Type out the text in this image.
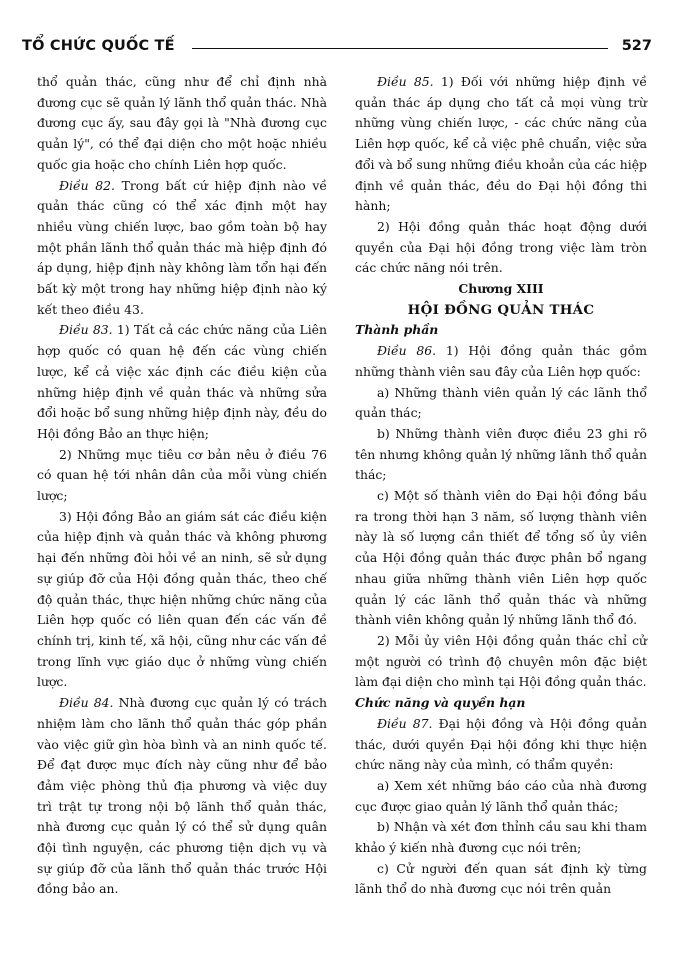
TỔ CHỨC QUỐC TẾ	527

thổ quản thác, cũng như để chỉ định nhà đương cục sẽ quản lý lãnh thổ quản thác. Nhà đương cục ấy, sau đây gọi là "Nhà đương cục quản lý", có thể đại diện cho một hoặc nhiều quốc gia hoặc cho chính Liên hợp quốc.

Điều 82. Trong bất cứ hiệp định nào về quản thác cũng có thể xác định một hay nhiều vùng chiến lược, bao gồm toàn bộ hay một phần lãnh thổ quản thác mà hiệp định đó áp dụng, hiệp định này không làm tổn hại đến bất kỳ một trong hay những hiệp định nào ký kết theo điều 43.

Điều 83. 1) Tất cả các chức năng của Liên hợp quốc có quan hệ đến các vùng chiến lược, kể cả việc xác định các điều kiện của những hiệp định về quản thác và những sửa đổi hoặc bổ sung những hiệp định này, đều do Hội đồng Bảo an thực hiện;

2) Những mục tiêu cơ bản nêu ở điều 76 có quan hệ tới nhân dân của mỗi vùng chiến lược;

3) Hội đồng Bảo an giám sát các điều kiện của hiệp định và quản thác và không phương hại đến những đòi hỏi về an ninh, sẽ sử dụng sự giúp đỡ của Hội đồng quản thác, theo chế độ quản thác, thực hiện những chức năng của Liên hợp quốc có liên quan đến các vấn đề chính trị, kinh tế, xã hội, cũng như các vấn đề trong lĩnh vực giáo dục ở những vùng chiến lược.

Điều 84. Nhà đương cục quản lý có trách nhiệm làm cho lãnh thổ quản thác góp phần vào việc giữ gìn hòa bình và an ninh quốc tế. Để đạt được mục đích này cũng như để bảo đảm việc phòng thủ địa phương và việc duy trì trật tự trong nội bộ lãnh thổ quản thác, nhà đương cục quản lý có thể sử dụng quân đội tình nguyện, các phương tiện dịch vụ và sự giúp đỡ của lãnh thổ quản thác trước Hội đồng bảo an.

Điều 85. 1) Đối với những hiệp định về quản thác áp dụng cho tất cả mọi vùng trừ những vùng chiến lược, - các chức năng của Liên hợp quốc, kể cả việc phê chuẩn, việc sửa đổi và bổ sung những điều khoản của các hiệp định về quản thác, đều do Đại hội đồng thi hành;

2) Hội đồng quản thác hoạt động dưới quyền của Đại hội đồng trong việc làm tròn các chức năng nói trên.

Chương XIII

HỘI ĐỒNG QUẢN THÁC

Thành phần

Điều 86. 1) Hội đồng quản thác gồm những thành viên sau đây của Liên hợp quốc:

a) Những thành viên quản lý các lãnh thổ quản thác;

b) Những thành viên được điều 23 ghi rõ tên nhưng không quản lý những lãnh thổ quản thác;

c) Một số thành viên do Đại hội đồng bầu ra trong thời hạn 3 năm, số lượng thành viên này là số lượng cần thiết để tổng số ủy viên của Hội đồng quản thác được phân bổ ngang nhau giữa những thành viên Liên hợp quốc quản lý các lãnh thổ quản thác và những thành viên không quản lý những lãnh thổ đó.

2) Mỗi ủy viên Hội đồng quản thác chỉ cử một người có trình độ chuyên môn đặc biệt làm đại diện cho mình tại Hội đồng quản thác.

Chức năng và quyền hạn

Điều 87. Đại hội đồng và Hội đồng quản thác, dưới quyền Đại hội đồng khi thực hiện chức năng này của mình, có thẩm quyền:

a) Xem xét những báo cáo của nhà đương cục được giao quản lý lãnh thổ quản thác;

b) Nhận và xét đơn thỉnh cầu sau khi tham khảo ý kiến nhà đương cục nói trên;

c) Cử người đến quan sát định kỳ từng lãnh thổ do nhà đương cục nói trên quản
